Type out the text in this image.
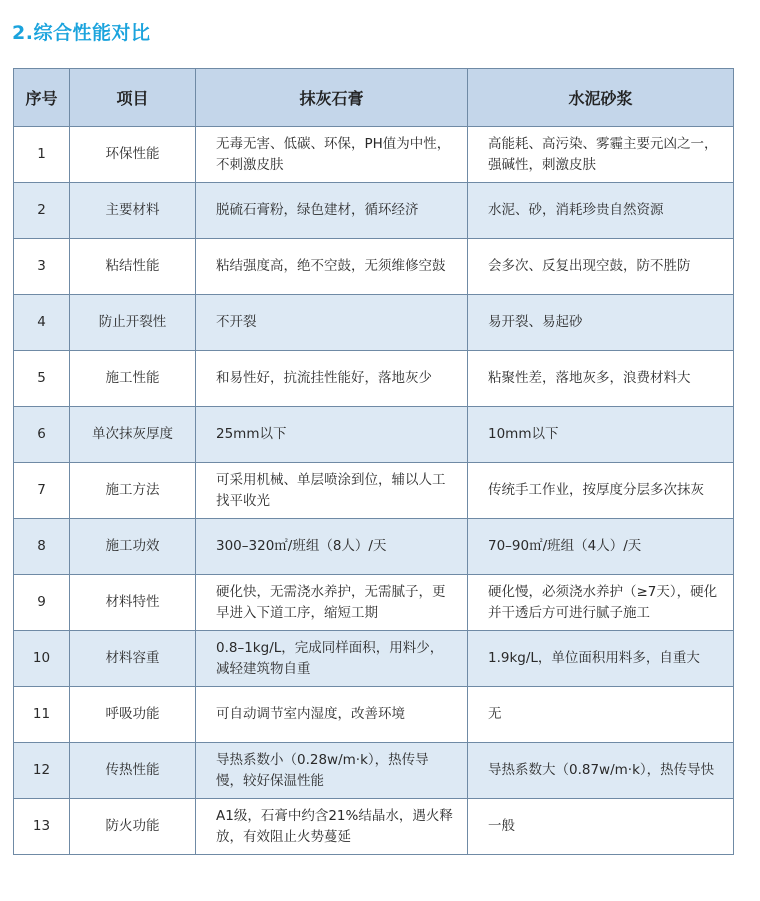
2.综合性能对比
序号	项目	抹灰石膏	水泥砂浆
1	环保性能	无毒无害、低碳、环保，PH值为中性，不刺激皮肤	高能耗、高污染、雾霾主要元凶之一，强碱性，刺激皮肤
2	主要材料	脱硫石膏粉，绿色建材，循环经济	水泥、砂，消耗珍贵自然资源
3	粘结性能	粘结强度高，绝不空鼓，无须维修空鼓	会多次、反复出现空鼓，防不胜防
4	防止开裂性	不开裂	易开裂、易起砂
5	施工性能	和易性好，抗流挂性能好，落地灰少	粘聚性差，落地灰多，浪费材料大
6	单次抹灰厚度	25mm以下	10mm以下
7	施工方法	可采用机械、单层喷涂到位，辅以人工找平收光	传统手工作业，按厚度分层多次抹灰
8	施工功效	300–320㎡/班组（8人）/天	70–90㎡/班组（4人）/天
9	材料特性	硬化快，无需浇水养护，无需腻子，更早进入下道工序，缩短工期	硬化慢，必须浇水养护（≥7天），硬化并干透后方可进行腻子施工
10	材料容重	0.8–1kg/L，完成同样面积，用料少，减轻建筑物自重	1.9kg/L，单位面积用料多，自重大
11	呼吸功能	可自动调节室内湿度，改善环境	无
12	传热性能	导热系数小（0.28w/m·k），热传导慢，较好保温性能	导热系数大（0.87w/m·k），热传导快
13	防火功能	A1级，石膏中约含21%结晶水，遇火释放，有效阻止火势蔓延	一般
